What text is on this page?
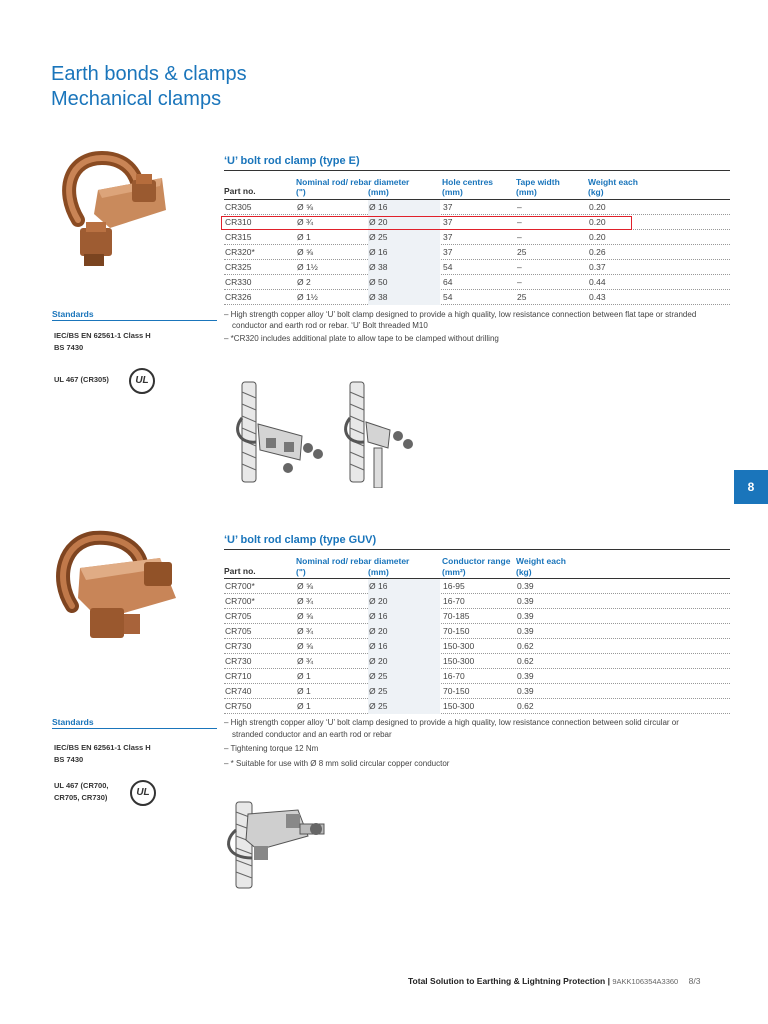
Earth bonds & clamps
Mechanical clamps
8
‘U’ bolt rod clamp (type E)
Part no.
Nominal rod/ rebar diameter
(")	(mm)
Hole centres
(mm)
Tape width
(mm)
Weight each
(kg)
CR305	Ø ⅝	Ø 16	37	–	0.20
CR310	Ø ¾	Ø 20	37	–	0.20
CR315	Ø 1	Ø 25	37	–	0.20
CR320*	Ø ⅝	Ø 16	37	25	0.26
CR325	Ø 1½	Ø 38	54	–	0.37
CR330	Ø 2	Ø 50	64	–	0.44
CR326	Ø 1½	Ø 38	54	25	0.43
– High strength copper alloy ‘U’ bolt clamp designed to provide a high quality, low resistance connection between flat tape or stranded
conductor and earth rod or rebar. ‘U’ Bolt threaded M10
– *CR320 includes additional plate to allow tape to be clamped without drilling
Standards
IEC/BS EN 62561-1 Class H
BS 7430
UL 467 (CR305)	UL
‘U’ bolt rod clamp (type GUV)
Part no.
Nominal rod/ rebar diameter
(")	(mm)
Conductor range
(mm²)
Weight each
(kg)
CR700*	Ø ⅝	Ø 16	16-95	0.39
CR700*	Ø ¾	Ø 20	16-70	0.39
CR705	Ø ⅝	Ø 16	70-185	0.39
CR705	Ø ¾	Ø 20	70-150	0.39
CR730	Ø ⅝	Ø 16	150-300	0.62
CR730	Ø ¾	Ø 20	150-300	0.62
CR710	Ø 1	Ø 25	16-70	0.39
CR740	Ø 1	Ø 25	70-150	0.39
CR750	Ø 1	Ø 25	150-300	0.62
– High strength copper alloy ‘U’ bolt clamp designed to provide a high quality, low resistance connection between solid circular or
stranded conductor and an earth rod or rebar
– Tightening torque 12 Nm
– * Suitable for use with Ø 8 mm solid circular copper conductor
Standards
IEC/BS EN 62561-1 Class H
BS 7430
UL 467 (CR700,
CR705, CR730)	UL
Total Solution to Earthing & Lightning Protection | 9AKK106354A3360 8/3
